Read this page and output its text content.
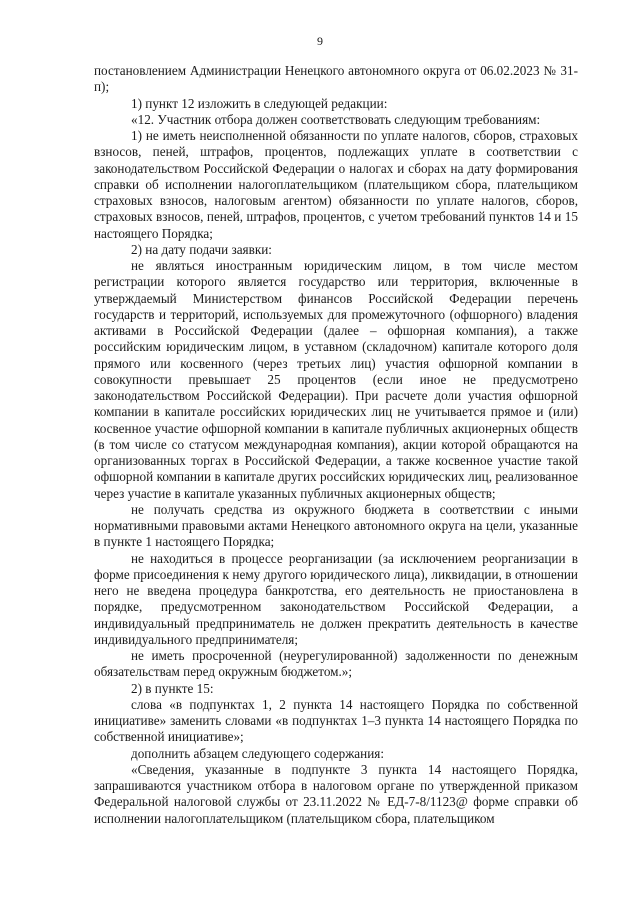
9

постановлением Администрации Ненецкого автономного округа от 06.02.2023 № 31-п);

1) пункт 12 изложить в следующей редакции:

«12. Участник отбора должен соответствовать следующим требованиям:

1) не иметь неисполненной обязанности по уплате налогов, сборов, страховых взносов, пеней, штрафов, процентов, подлежащих уплате в соответствии с законодательством Российской Федерации о налогах и сборах на дату формирования справки об исполнении налогоплательщиком (плательщиком сбора, плательщиком страховых взносов, налоговым агентом) обязанности по уплате налогов, сборов, страховых взносов, пеней, штрафов, процентов, с учетом требований пунктов 14 и 15 настоящего Порядка;

2) на дату подачи заявки:

не являться иностранным юридическим лицом, в том числе местом регистрации которого является государство или территория, включенные в утверждаемый Министерством финансов Российской Федерации перечень государств и территорий, используемых для промежуточного (офшорного) владения активами в Российской Федерации (далее – офшорная компания), а также российским юридическим лицом, в уставном (складочном) капитале которого доля прямого или косвенного (через третьих лиц) участия офшорной компании в совокупности превышает 25 процентов (если иное не предусмотрено законодательством Российской Федерации). При расчете доли участия офшорной компании в капитале российских юридических лиц не учитывается прямое и (или) косвенное участие офшорной компании в капитале публичных акционерных обществ (в том числе со статусом международная компания), акции которой обращаются на организованных торгах в Российской Федерации, а также косвенное участие такой офшорной компании в капитале других российских юридических лиц, реализованное через участие в капитале указанных публичных акционерных обществ;

не получать средства из окружного бюджета в соответствии с иными нормативными правовыми актами Ненецкого автономного округа на цели, указанные в пункте 1 настоящего Порядка;

не находиться в процессе реорганизации (за исключением реорганизации в форме присоединения к нему другого юридического лица), ликвидации, в отношении него не введена процедура банкротства, его деятельность не приостановлена в порядке, предусмотренном законодательством Российской Федерации, а индивидуальный предприниматель не должен прекратить деятельность в качестве индивидуального предпринимателя;

не иметь просроченной (неурегулированной) задолженности по денежным обязательствам перед окружным бюджетом.»;

2) в пункте 15:

слова «в подпунктах 1, 2 пункта 14 настоящего Порядка по собственной инициативе» заменить словами «в подпунктах 1–3 пункта 14 настоящего Порядка по собственной инициативе»;

дополнить абзацем следующего содержания:

«Сведения, указанные в подпункте 3 пункта 14 настоящего Порядка, запрашиваются участником отбора в налоговом органе по утвержденной приказом Федеральной налоговой службы от 23.11.2022 № ЕД-7-8/1123@ форме справки об исполнении налогоплательщиком (плательщиком сбора, плательщиком
